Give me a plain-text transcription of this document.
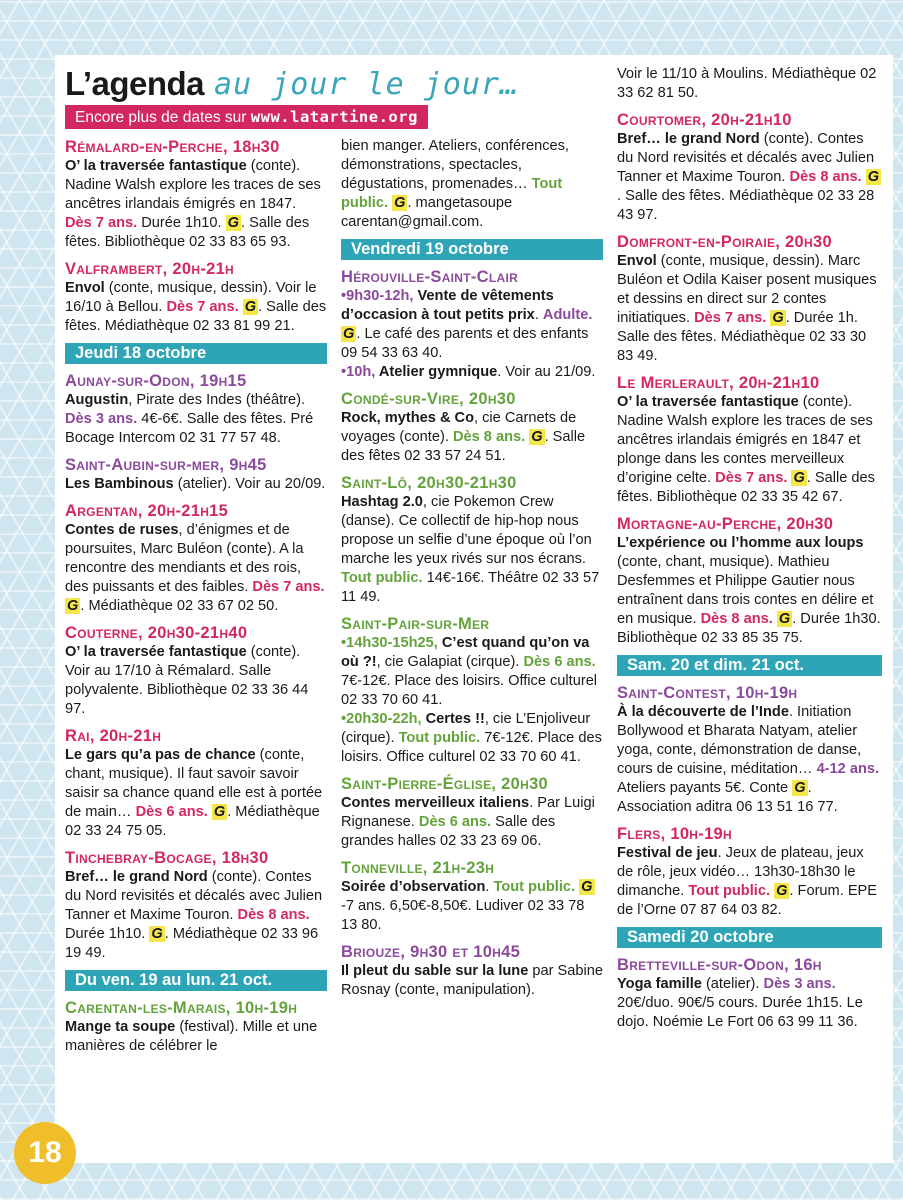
L’agenda au jour le jour…
Encore plus de dates sur www.latartine.org

Rémalard-en-Perche, 18h30

O’ la traversée fantastique (conte). Nadine Walsh explore les traces de ses ancêtres irlandais émigrés en 1847. Dès 7 ans. Durée 1h10. G . Salle des fêtes. Bibliothèque 02 33 83 65 93.

Valframbert, 20h-21h

Envol (conte, musique, dessin). Voir le 16/10 à Bellou. Dès 7 ans. G . Salle des fêtes. Médiathèque 02 33 81 99 21.

Jeudi 18 octobre

Aunay-sur-Odon, 19h15

Augustin, Pirate des Indes (théâtre). Dès 3 ans. 4€-6€. Salle des fêtes. Pré Bocage Intercom 02 31 77 57 48.

Saint-Aubin-sur-mer, 9h45

Les Bambinous (atelier). Voir au 20/09.

Argentan, 20h-21h15

Contes de ruses, d’énigmes et de poursuites, Marc Buléon (conte). A la rencontre des mendiants et des rois, des puissants et des faibles. Dès 7 ans. G . Médiathèque 02 33 67 02 50.

Couterne, 20h30-21h40

O’ la traversée fantastique (conte). Voir au 17/10 à Rémalard. Salle polyvalente. Bibliothèque 02 33 36 44 97.

Rai, 20h-21h

Le gars qu’a pas de chance (conte, chant, musique). Il faut savoir savoir saisir sa chance quand elle est à portée de main… Dès 6 ans. G . Médiathèque 02 33 24 75 05.

Tinchebray-Bocage, 18h30

Bref… le grand Nord (conte). Contes du Nord revisités et décalés avec Julien Tanner et Maxime Touron. Dès 8 ans. Durée 1h10. G . Médiathèque 02 33 96 19 49.

Du ven. 19 au lun. 21 oct.

Carentan-les-Marais, 10h-19h

Mange ta soupe (festival). Mille et une manières de célébrer le

bien manger. Ateliers, conférences, démonstrations, spectacles, dégustations, promenades… Tout public. G . mangetasoupe carentan@gmail.com.

Vendredi 19 octobre

Hérouville-Saint-Clair

•9h30-12h, Vente de vêtements d’occasion à tout petits prix. Adulte. G . Le café des parents et des enfants 09 54 33 63 40.

•10h, Atelier gymnique. Voir au 21/09.

Condé-sur-Vire, 20h30

Rock, mythes & Co, cie Carnets de voyages (conte). Dès 8 ans. G . Salle des fêtes 02 33 57 24 51.

Saint-Lô, 20h30-21h30

Hashtag 2.0, cie Pokemon Crew (danse). Ce collectif de hip-hop nous propose un selfie d’une époque où l’on marche les yeux rivés sur nos écrans. Tout public. 14€-16€. Théâtre 02 33 57 11 49.

Saint-Pair-sur-Mer

•14h30-15h25, C’est quand qu’on va où ?!, cie Galapiat (cirque). Dès 6 ans. 7€-12€. Place des loisirs. Office culturel 02 33 70 60 41.

•20h30-22h, Certes !!, cie L’Enjoliveur (cirque). Tout public. 7€-12€. Place des loisirs. Office culturel 02 33 70 60 41.

Saint-Pierre-Église, 20h30

Contes merveilleux italiens. Par Luigi Rignanese. Dès 6 ans. Salle des grandes halles 02 33 23 69 06.

Tonneville, 21h-23h

Soirée d’observation. Tout public. G-7 ans. 6,50€-8,50€. Ludiver 02 33 78 13 80.

Briouze, 9h30 et 10h45

Il pleut du sable sur la lune par Sabine Rosnay (conte, manipulation).

Voir le 11/10 à Moulins. Médiathèque 02 33 62 81 50.

Courtomer, 20h-21h10

Bref… le grand Nord (conte). Contes du Nord revisités et décalés avec Julien Tanner et Maxime Touron. Dès 8 ans. G. Salle des fêtes. Médiathèque 02 33 28 43 97.

Domfront-en-Poiraie, 20h30

Envol (conte, musique, dessin). Marc Buléon et Odila Kaiser posent musiques et dessins en direct sur 2 contes initiatiques. Dès 7 ans. G . Durée 1h. Salle des fêtes. Médiathèque 02 33 30 83 49.

Le Merlerault, 20h-21h10

O’ la traversée fantastique (conte). Nadine Walsh explore les traces de ses ancêtres irlandais émigrés en 1847 et plonge dans les contes merveilleux d’origine celte. Dès 7 ans. G . Salle des fêtes. Bibliothèque 02 33 35 42 67.

Mortagne-au-Perche, 20h30

L’expérience ou l’homme aux loups (conte, chant, musique). Mathieu Desfemmes et Philippe Gautier nous entraînent dans trois contes en délire et en musique. Dès 8 ans. G . Durée 1h30. Bibliothèque 02 33 85 35 75.

Sam. 20 et dim. 21 oct.

Saint-Contest, 10h-19h

À la découverte de l’Inde. Initiation Bollywood et Bharata Natyam, atelier yoga, conte, démonstration de danse, cours de cuisine, méditation… 4-12 ans. Ateliers payants 5€. Conte G . Association aditra 06 13 51 16 77.

Flers, 10h-19h

Festival de jeu. Jeux de plateau, jeux de rôle, jeux vidéo… 13h30-18h30 le dimanche. Tout public. G . Forum. EPE de l’Orne 07 87 64 03 82.

Samedi 20 octobre

Bretteville-sur-Odon, 16h

Yoga famille (atelier). Dès 3 ans. 20€/duo. 90€/5 cours. Durée 1h15. Le dojo. Noémie Le Fort 06 63 99 11 36.

18
